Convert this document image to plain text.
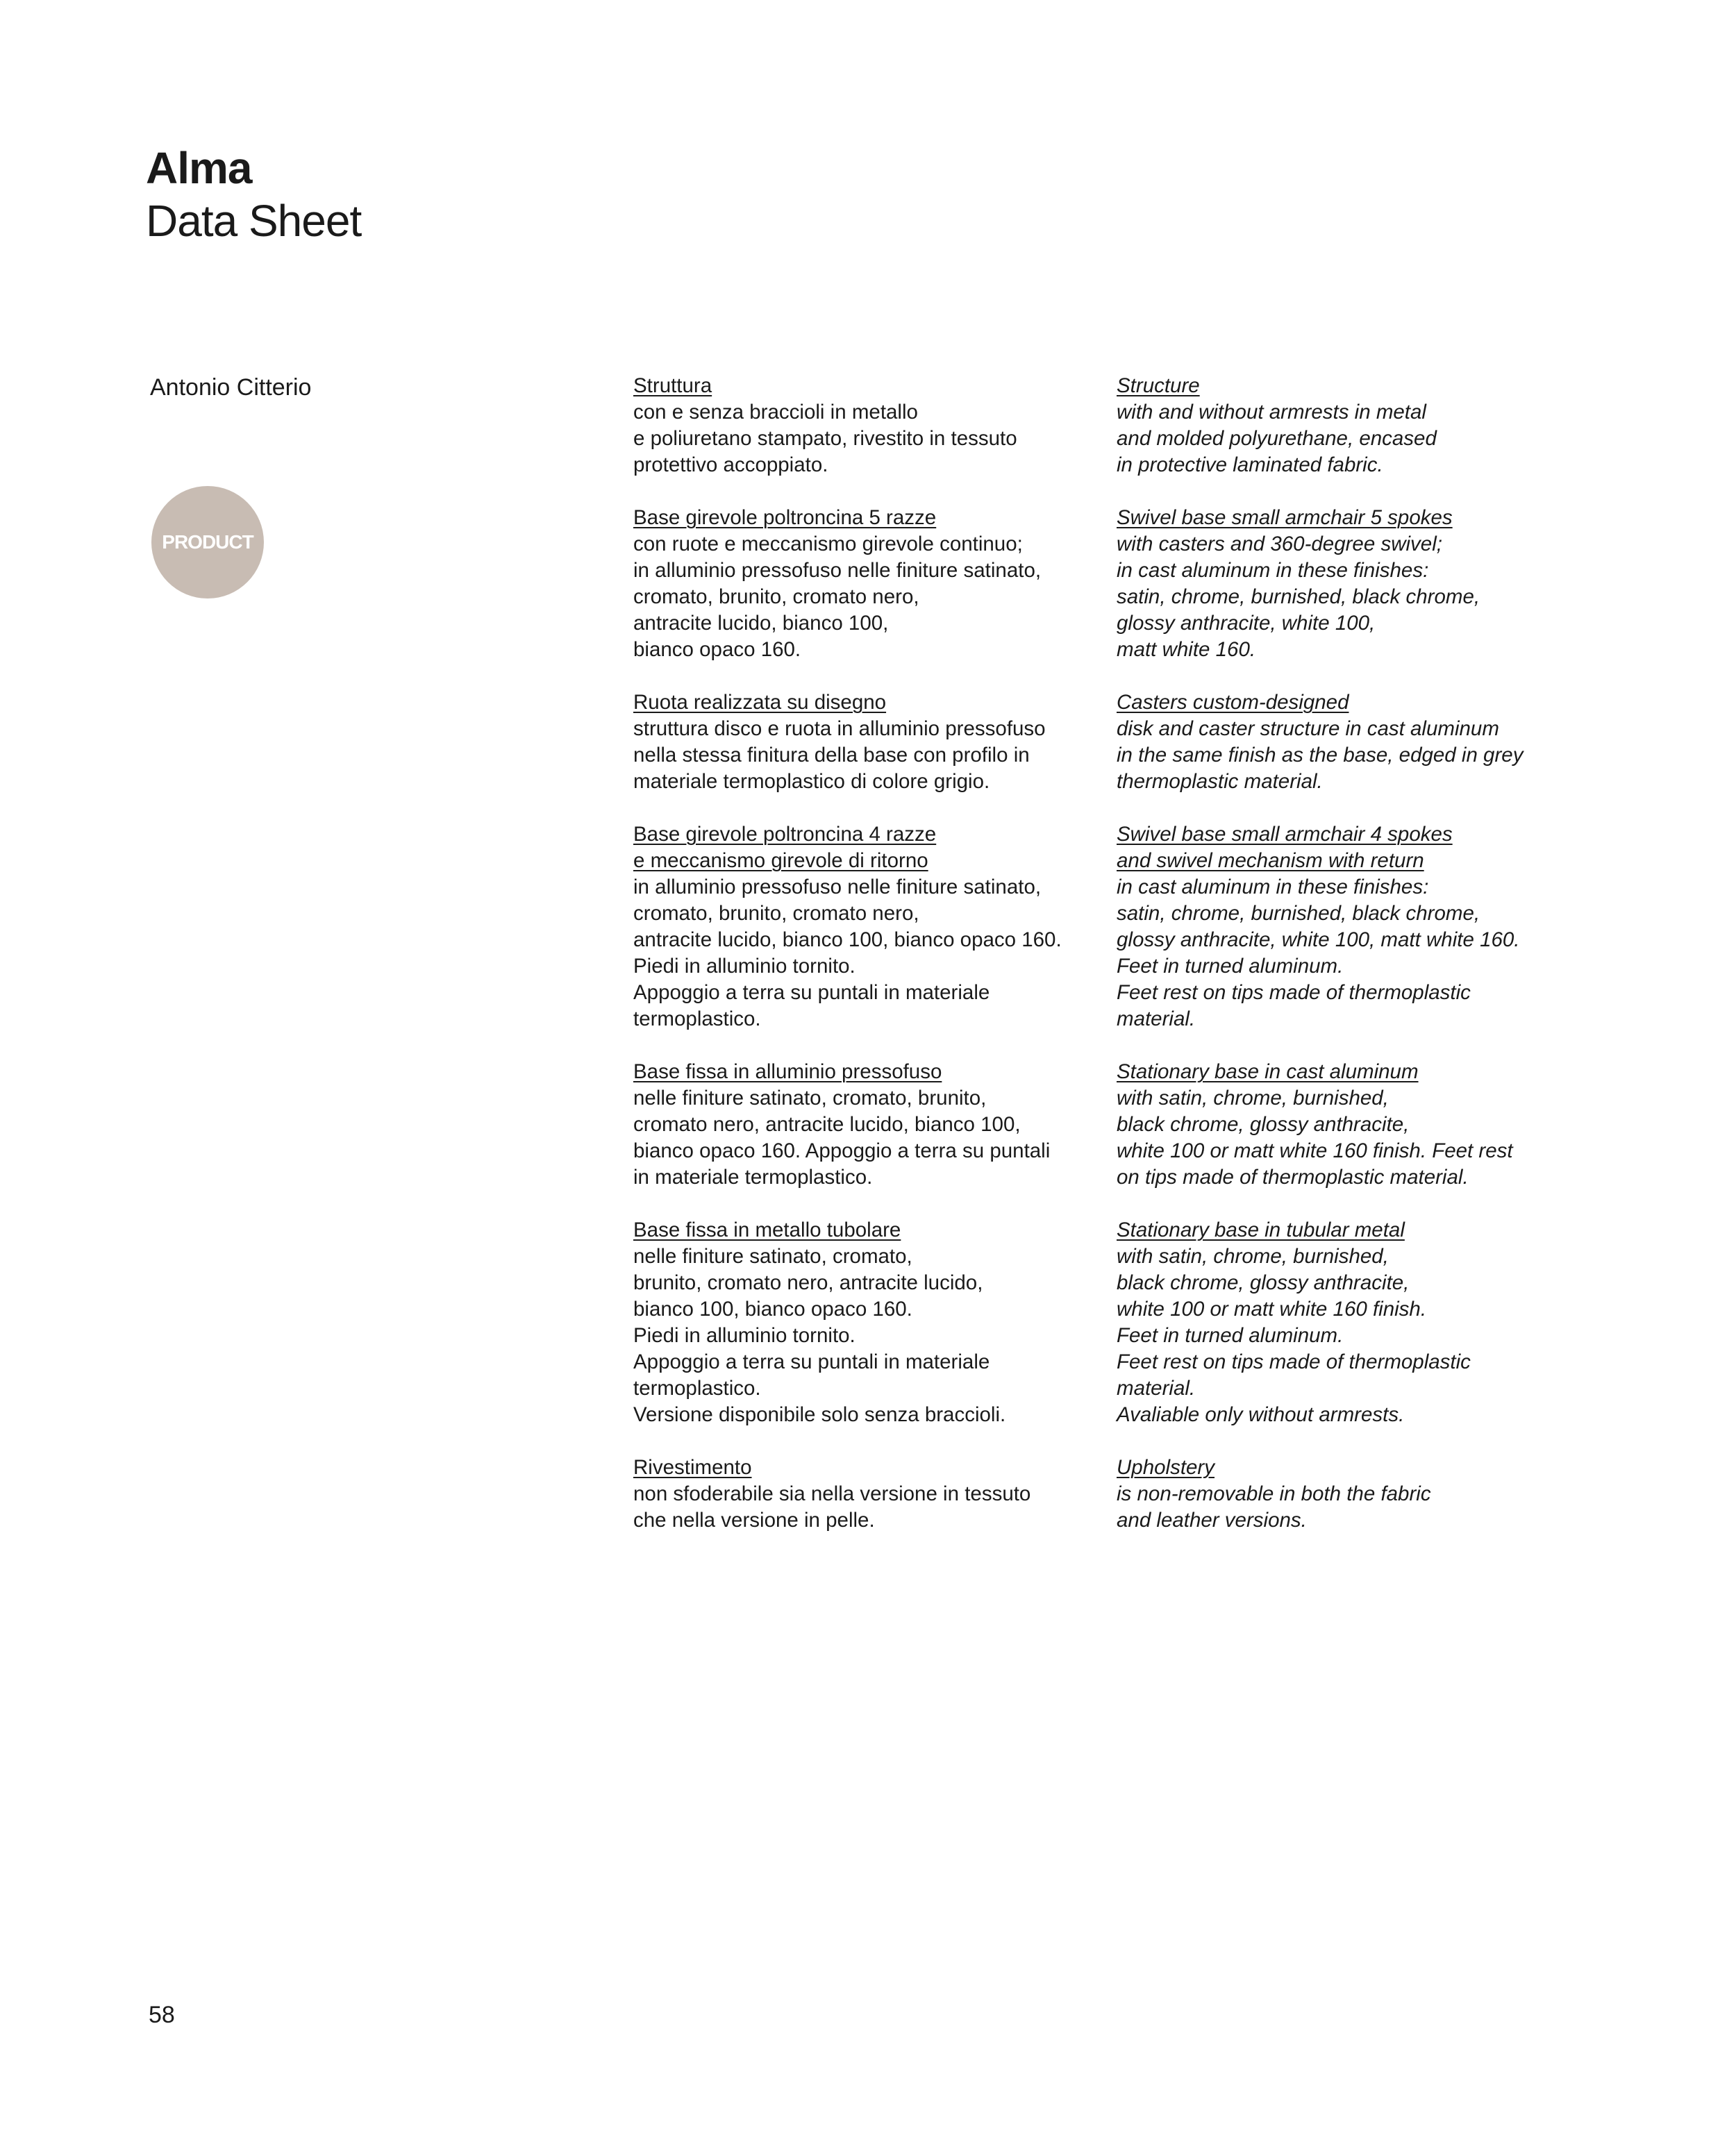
Alma
Data Sheet
Antonio Citterio
PRODUCT
Struttura
con e senza braccioli in metallo
e poliuretano stampato, rivestito in tessuto
protettivo accoppiato.
Base girevole poltroncina 5 razze
con ruote e meccanismo girevole continuo;
in alluminio pressofuso nelle finiture satinato,
cromato, brunito, cromato nero,
antracite lucido, bianco 100,
bianco opaco 160.
Ruota realizzata su disegno
struttura disco e ruota in alluminio pressofuso
nella stessa finitura della base con profilo in
materiale termoplastico di colore grigio.
Base girevole poltroncina 4 razze
e meccanismo girevole di ritorno
in alluminio pressofuso nelle finiture satinato,
cromato, brunito, cromato nero,
antracite lucido, bianco 100, bianco opaco 160.
Piedi in alluminio tornito.
Appoggio a terra su puntali in materiale
termoplastico.
Base fissa in alluminio pressofuso
nelle finiture satinato, cromato, brunito,
cromato nero, antracite lucido, bianco 100,
bianco opaco 160. Appoggio a terra su puntali
in materiale termoplastico.
Base fissa in metallo tubolare
nelle finiture satinato, cromato,
brunito, cromato nero, antracite lucido,
bianco 100, bianco opaco 160.
Piedi in alluminio tornito.
Appoggio a terra su puntali in materiale
termoplastico.
Versione disponibile solo senza braccioli.
Rivestimento
non sfoderabile sia nella versione in tessuto
che nella versione in pelle.
Structure
with and without armrests in metal
and molded polyurethane, encased
in protective laminated fabric.
Swivel base small armchair 5 spokes
with casters and 360-degree swivel;
in cast aluminum in these finishes:
satin, chrome, burnished, black chrome,
glossy anthracite, white 100,
matt white 160.
Casters custom-designed
disk and caster structure in cast aluminum
in the same finish as the base, edged in grey
thermoplastic material.
Swivel base small armchair 4 spokes
and swivel mechanism with return
in cast aluminum in these finishes:
satin, chrome, burnished, black chrome,
glossy anthracite, white 100, matt white 160.
Feet in turned aluminum.
Feet rest on tips made of thermoplastic
material.
Stationary base in cast aluminum
with satin, chrome, burnished,
black chrome, glossy anthracite,
white 100 or matt white 160 finish. Feet rest
on tips made of thermoplastic material.
Stationary base in tubular metal
with satin, chrome, burnished,
black chrome, glossy anthracite,
white 100 or matt white 160 finish.
Feet in turned aluminum.
Feet rest on tips made of thermoplastic
material.
Avaliable only without armrests.
Upholstery
is non-removable in both the fabric
and leather versions.
58
